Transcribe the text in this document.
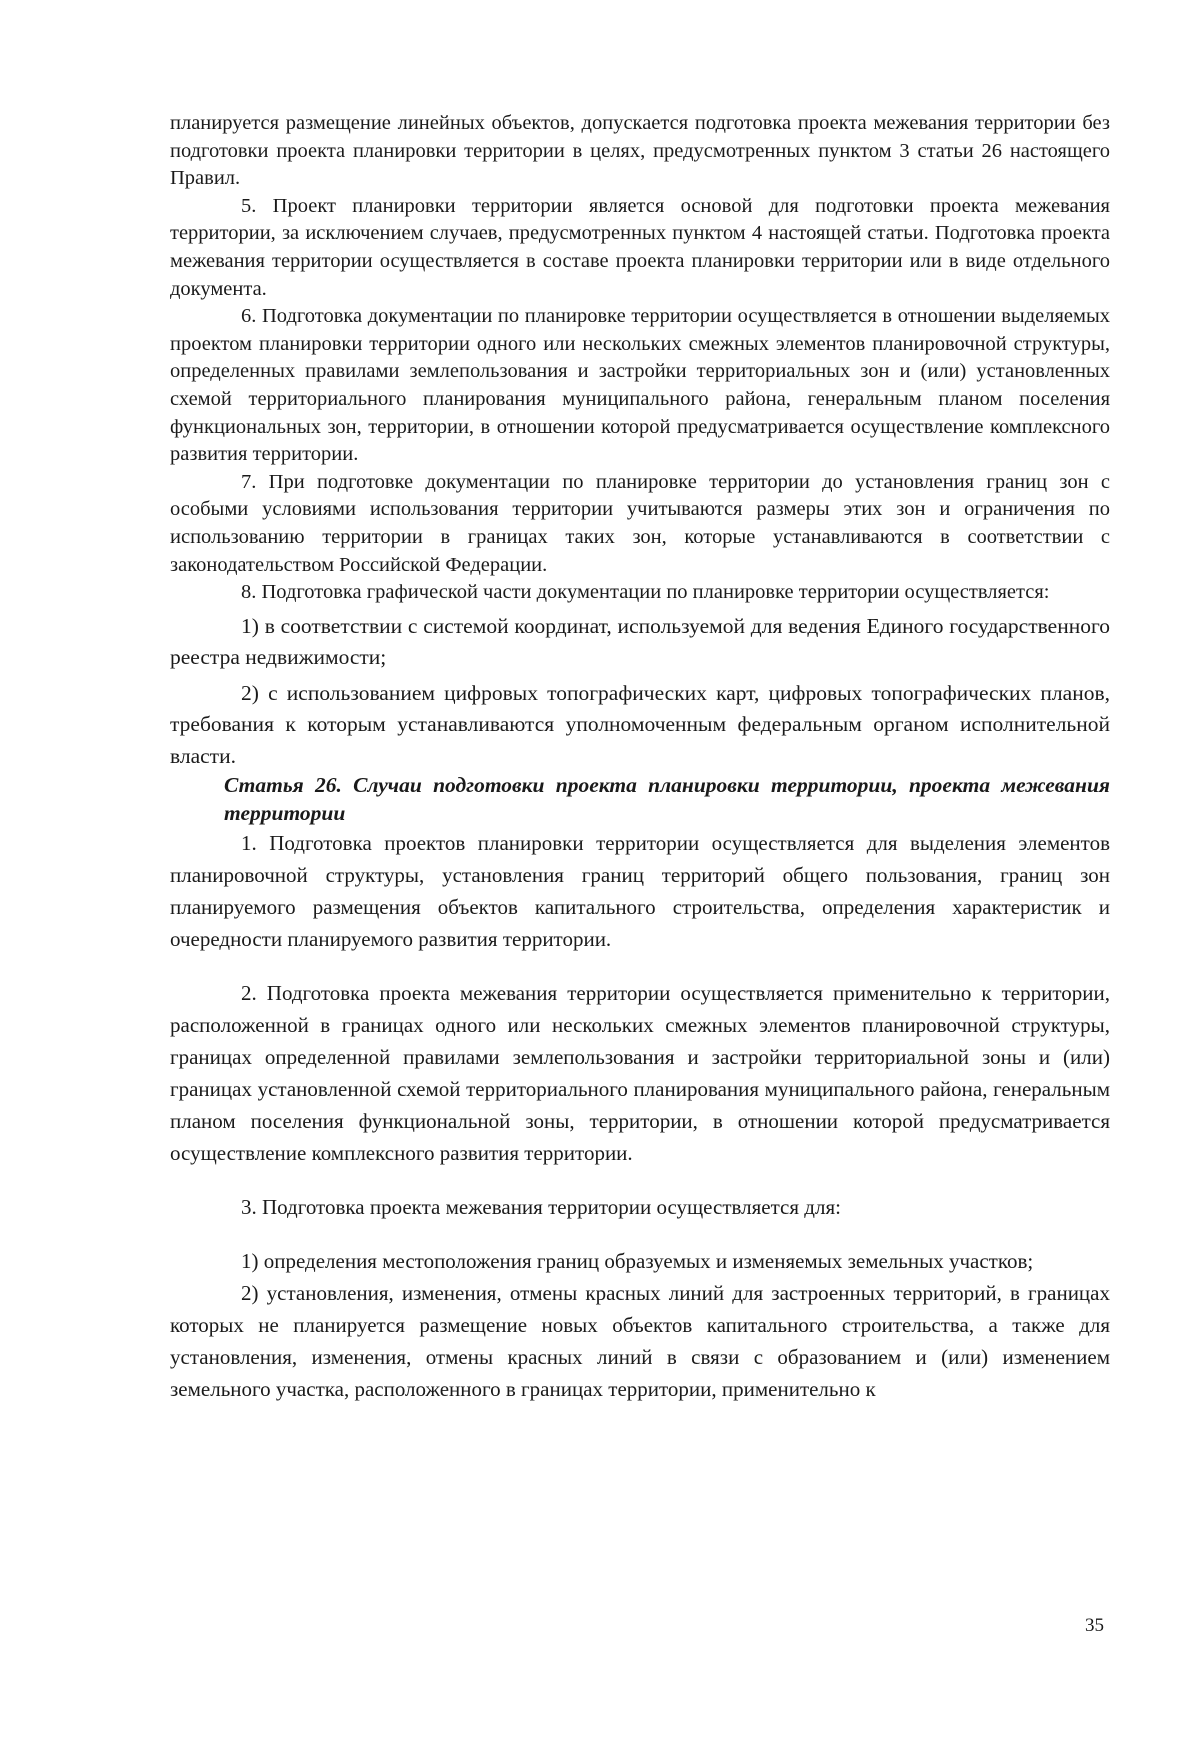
планируется размещение линейных объектов, допускается подготовка проекта межевания территории без подготовки проекта планировки территории в целях, предусмотренных пунктом 3 статьи 26 настоящего Правил.

5. Проект планировки территории является основой для подготовки проекта межевания территории, за исключением случаев, предусмотренных пунктом 4 настоящей статьи. Подготовка проекта межевания территории осуществляется в составе проекта планировки территории или в виде отдельного документа.

6. Подготовка документации по планировке территории осуществляется в отношении выделяемых проектом планировки территории одного или нескольких смежных элементов планировочной структуры, определенных правилами землепользования и застройки территориальных зон и (или) установленных схемой территориального планирования муниципального района, генеральным планом поселения функциональных зон, территории, в отношении которой предусматривается осуществление комплексного развития территории.

7. При подготовке документации по планировке территории до установления границ зон с особыми условиями использования территории учитываются размеры этих зон и ограничения по использованию территории в границах таких зон, которые устанавливаются в соответствии с законодательством Российской Федерации.

8. Подготовка графической части документации по планировке территории осуществляется:

1) в соответствии с системой координат, используемой для ведения Единого государственного реестра недвижимости;

2) с использованием цифровых топографических карт, цифровых топографических планов, требования к которым устанавливаются уполномоченным федеральным органом исполнительной власти.

Статья 26. Случаи подготовки проекта планировки территории, проекта межевания территории

1. Подготовка проектов планировки территории осуществляется для выделения элементов планировочной структуры, установления границ территорий общего пользования, границ зон планируемого размещения объектов капитального строительства, определения характеристик и очередности планируемого развития территории.

2. Подготовка проекта межевания территории осуществляется применительно к территории, расположенной в границах одного или нескольких смежных элементов планировочной структуры, границах определенной правилами землепользования и застройки территориальной зоны и (или) границах установленной схемой территориального планирования муниципального района, генеральным планом поселения функциональной зоны, территории, в отношении которой предусматривается осуществление комплексного развития территории.

3. Подготовка проекта межевания территории осуществляется для:

1) определения местоположения границ образуемых и изменяемых земельных участков;

2) установления, изменения, отмены красных линий для застроенных территорий, в границах которых не планируется размещение новых объектов капитального строительства, а также для установления, изменения, отмены красных линий в связи с образованием и (или) изменением земельного участка, расположенного в границах территории, применительно к

35
